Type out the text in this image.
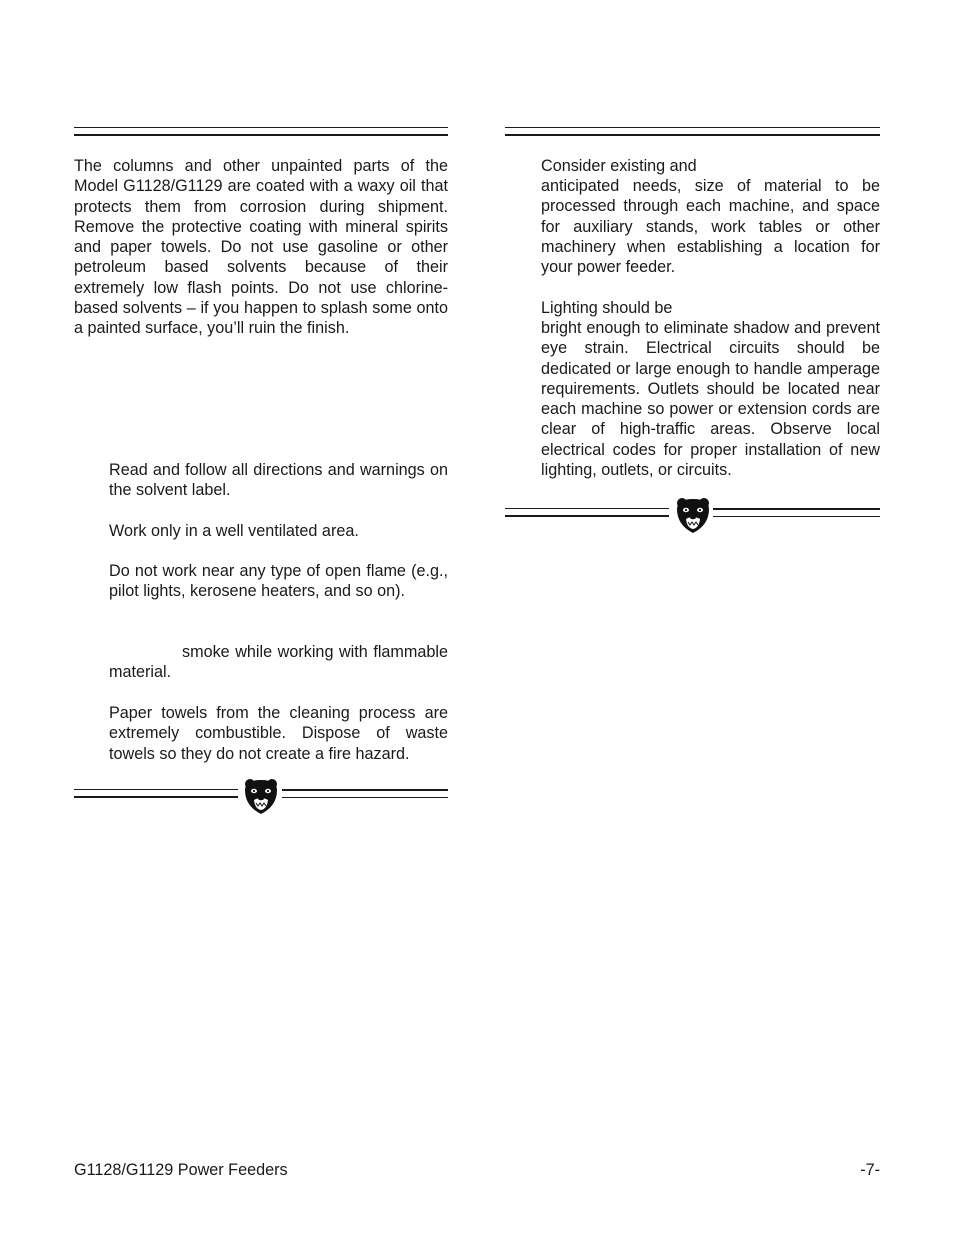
The columns and other unpainted parts of the Model G1128/G1129 are coated with a waxy oil that protects them from corrosion during shipment. Remove the protective coating with mineral spirits and paper towels. Do not use gasoline or other petroleum based solvents because of their extremely low flash points. Do not use chlorine-based solvents – if you happen to splash some onto a painted surface, you’ll ruin the finish.

Read and follow all directions and warnings on the solvent label.

Work only in a well ventilated area.

Do not work near any type of open flame (e.g., pilot lights, kerosene heaters, and so on).

smoke while working with flammable material.

Paper towels from the cleaning process are extremely combustible. Dispose of waste towels so they do not create a fire hazard.

Consider existing and

anticipated needs, size of material to be processed through each machine, and space for auxiliary stands, work tables or other machinery when establishing a location for your power feeder.

Lighting should be

bright enough to eliminate shadow and prevent eye strain. Electrical circuits should be dedicated or large enough to handle amperage requirements. Outlets should be located near each machine so power or extension cords are clear of high-traffic areas. Observe local electrical codes for proper installation of new lighting, outlets, or circuits.

G1128/G1129 Power Feeders	-7-
